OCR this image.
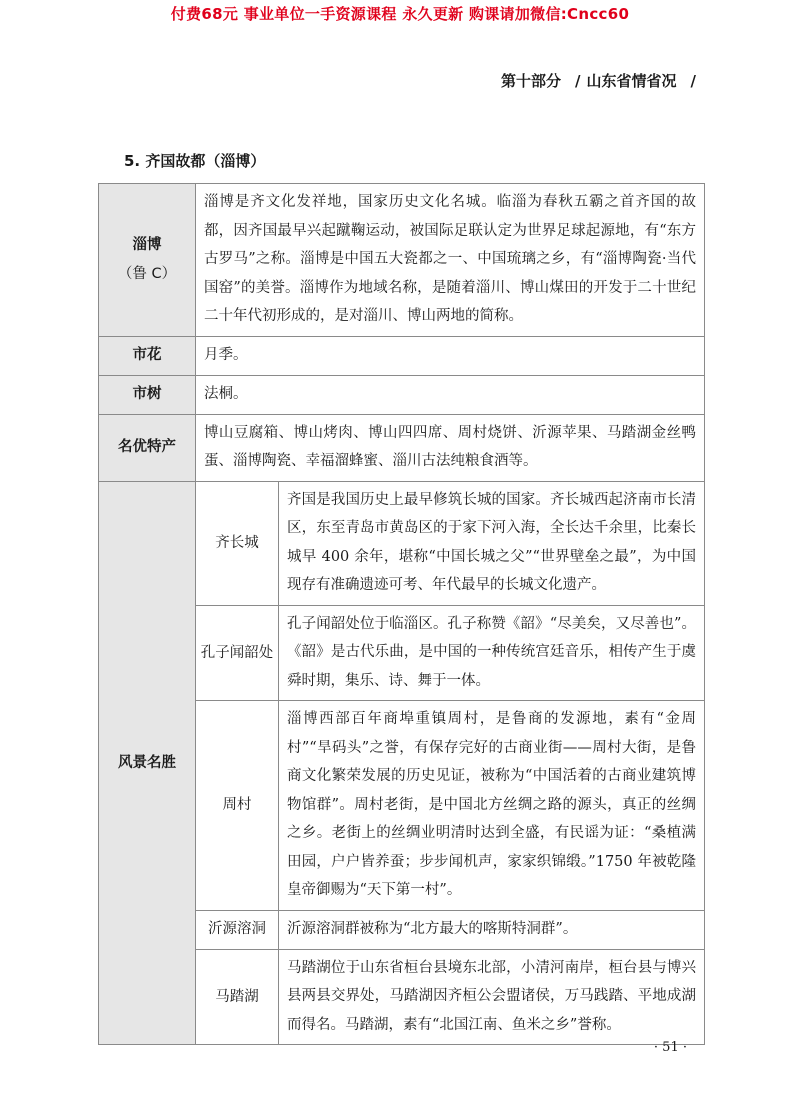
付费68元 事业单位一手资源课程 永久更新 购课请加微信:Cncc60
第十部分 / 山东省情省况 /
5. 齐国故都（淄博）
淄博
（鲁 C）	淄博是齐文化发祥地，国家历史文化名城。临淄为春秋五霸之首齐国的故都，因齐国最早兴起蹴鞠运动，被国际足联认定为世界足球起源地，有“东方古罗马”之称。淄博是中国五大瓷都之一、中国琉璃之乡，有“淄博陶瓷·当代国窑”的美誉。淄博作为地域名称，是随着淄川、博山煤田的开发于二十世纪二十年代初形成的，是对淄川、博山两地的简称。	
市花	月季。	
市树	法桐。	
名优特产	博山豆腐箱、博山烤肉、博山四四席、周村烧饼、沂源苹果、马踏湖金丝鸭蛋、淄博陶瓷、幸福溜蜂蜜、淄川古法纯粮食酒等。	
风景名胜	齐长城	齐国是我国历史上最早修筑长城的国家。齐长城西起济南市长清区，东至青岛市黄岛区的于家下河入海，全长达千余里，比秦长城早 400 余年，堪称“中国长城之父”“世界壁垒之最”，为中国现存有准确遗迹可考、年代最早的长城文化遗产。
	孔子闻韶处	孔子闻韶处位于临淄区。孔子称赞《韶》“尽美矣，又尽善也”。《韶》是古代乐曲，是中国的一种传统宫廷音乐，相传产生于虞舜时期，集乐、诗、舞于一体。
	周村	淄博西部百年商埠重镇周村，是鲁商的发源地，素有“金周村”“旱码头”之誉，有保存完好的古商业街——周村大街，是鲁商文化繁荣发展的历史见证，被称为“中国活着的古商业建筑博物馆群”。周村老街，是中国北方丝绸之路的源头，真正的丝绸之乡。老街上的丝绸业明清时达到全盛，有民谣为证：“桑植满田园，户户皆养蚕；步步闻机声，家家织锦缎。”1750 年被乾隆皇帝御赐为“天下第一村”。
	沂源溶洞	沂源溶洞群被称为“北方最大的喀斯特洞群”。
	马踏湖	马踏湖位于山东省桓台县境东北部，小清河南岸，桓台县与博兴县两县交界处，马踏湖因齐桓公会盟诸侯，万马践踏、平地成湖而得名。马踏湖，素有“北国江南、鱼米之乡”誉称。
· 51 ·
